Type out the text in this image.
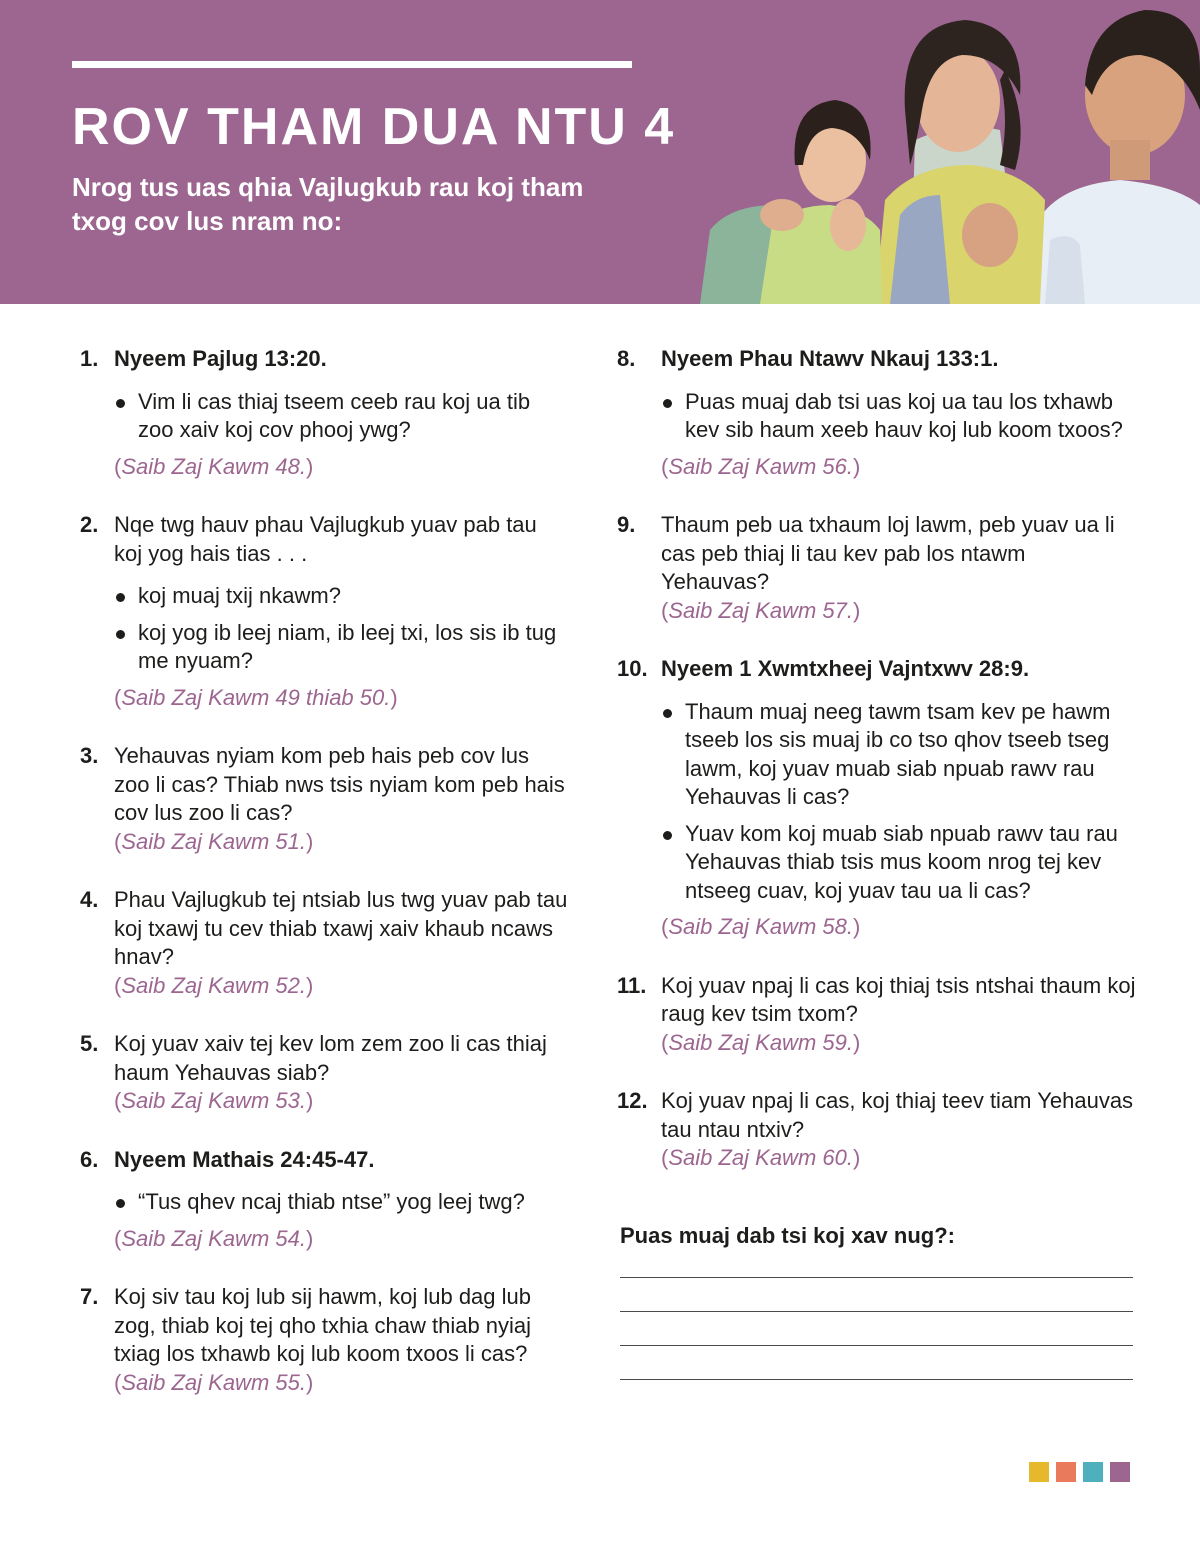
ROV THAM DUA NTU 4

Nrog tus uas qhia Vajlugkub rau koj tham txog cov lus nram no:

1. Nyeem Pajlug 13:20.

Vim li cas thiaj tseem ceeb rau koj ua tib zoo xaiv koj cov phooj ywg?

(Saib Zaj Kawm 48.)

2. Nqe twg hauv phau Vajlugkub yuav pab tau koj yog hais tias . . .

koj muaj txij nkawm?
koj yog ib leej niam, ib leej txi, los sis ib tug me nyuam?

(Saib Zaj Kawm 49 thiab 50.)

3. Yehauvas nyiam kom peb hais peb cov lus zoo li cas? Thiab nws tsis nyiam kom peb hais cov lus zoo li cas?

(Saib Zaj Kawm 51.)

4. Phau Vajlugkub tej ntsiab lus twg yuav pab tau koj txawj tu cev thiab txawj xaiv khaub ncaws hnav?

(Saib Zaj Kawm 52.)

5. Koj yuav xaiv tej kev lom zem zoo li cas thiaj haum Yehauvas siab?

(Saib Zaj Kawm 53.)

6. Nyeem Mathais 24:45-47.

“Tus qhev ncaj thiab ntse” yog leej twg?

(Saib Zaj Kawm 54.)

7. Koj siv tau koj lub sij hawm, koj lub dag lub zog, thiab koj tej qho txhia chaw thiab nyiaj txiag los txhawb koj lub koom txoos li cas?

(Saib Zaj Kawm 55.)

8. Nyeem Phau Ntawv Nkauj 133:1.

Puas muaj dab tsi uas koj ua tau los txhawb kev sib haum xeeb hauv koj lub koom txoos?

(Saib Zaj Kawm 56.)

9. Thaum peb ua txhaum loj lawm, peb yuav ua li cas peb thiaj li tau kev pab los ntawm Yehauvas?

(Saib Zaj Kawm 57.)

10. Nyeem 1 Xwmtxheej Vajntxwv 28:9.

Thaum muaj neeg tawm tsam kev pe hawm tseeb los sis muaj ib co tso qhov tseeb tseg lawm, koj yuav muab siab npuab rawv rau Yehauvas li cas?
Yuav kom koj muab siab npuab rawv tau rau Yehauvas thiab tsis mus koom nrog tej kev ntseeg cuav, koj yuav tau ua li cas?

(Saib Zaj Kawm 58.)

11. Koj yuav npaj li cas koj thiaj tsis ntshai thaum koj raug kev tsim txom?

(Saib Zaj Kawm 59.)

12. Koj yuav npaj li cas, koj thiaj teev tiam Yehauvas tau ntau ntxiv?

(Saib Zaj Kawm 60.)

Puas muaj dab tsi koj xav nug?:
